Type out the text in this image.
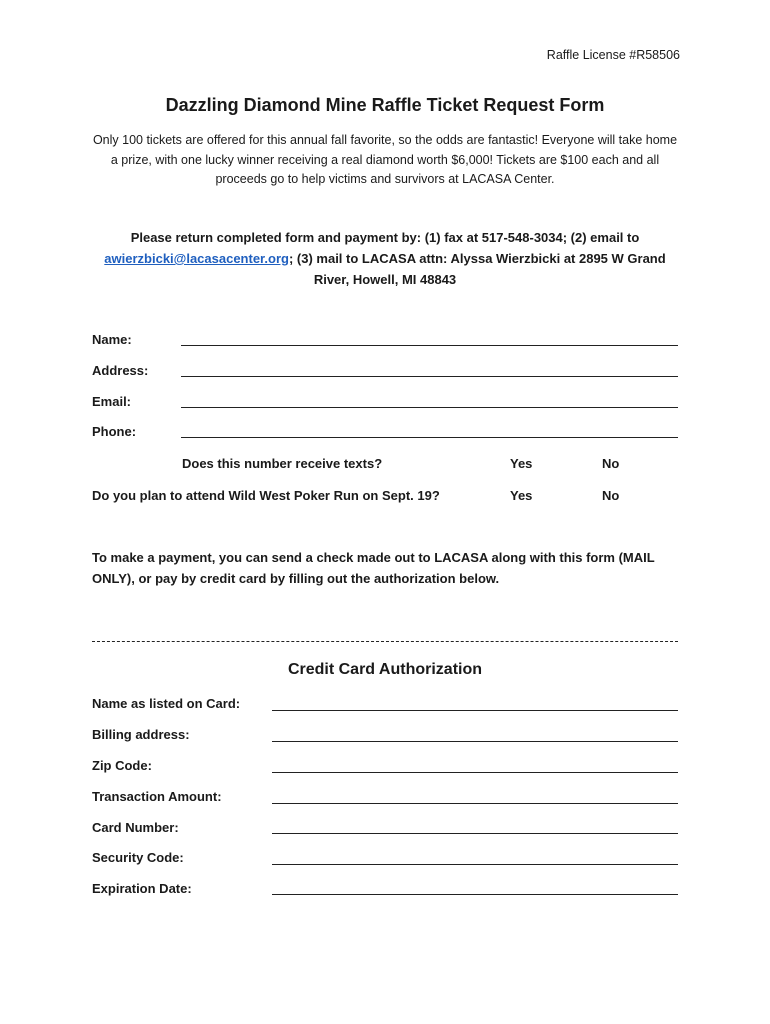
Raffle License #R58506
Dazzling Diamond Mine Raffle Ticket Request Form
Only 100 tickets are offered for this annual fall favorite, so the odds are fantastic! Everyone will take home a prize, with one lucky winner receiving a real diamond worth $6,000! Tickets are $100 each and all proceeds go to help victims and survivors at LACASA Center.
Please return completed form and payment by: (1) fax at 517-548-3034; (2) email to awierzbicki@lacasacenter.org; (3) mail to LACASA attn: Alyssa Wierzbicki at 2895 W Grand River, Howell, MI 48843
Name:
Address:
Email:
Phone:
Does this number receive texts?	Yes	No
Do you plan to attend Wild West Poker Run on Sept. 19?	Yes	No
To make a payment, you can send a check made out to LACASA along with this form (MAIL ONLY), or pay by credit card by filling out the authorization below.
Credit Card Authorization
Name as listed on Card:
Billing address:
Zip Code:
Transaction Amount:
Card Number:
Security Code:
Expiration Date:
